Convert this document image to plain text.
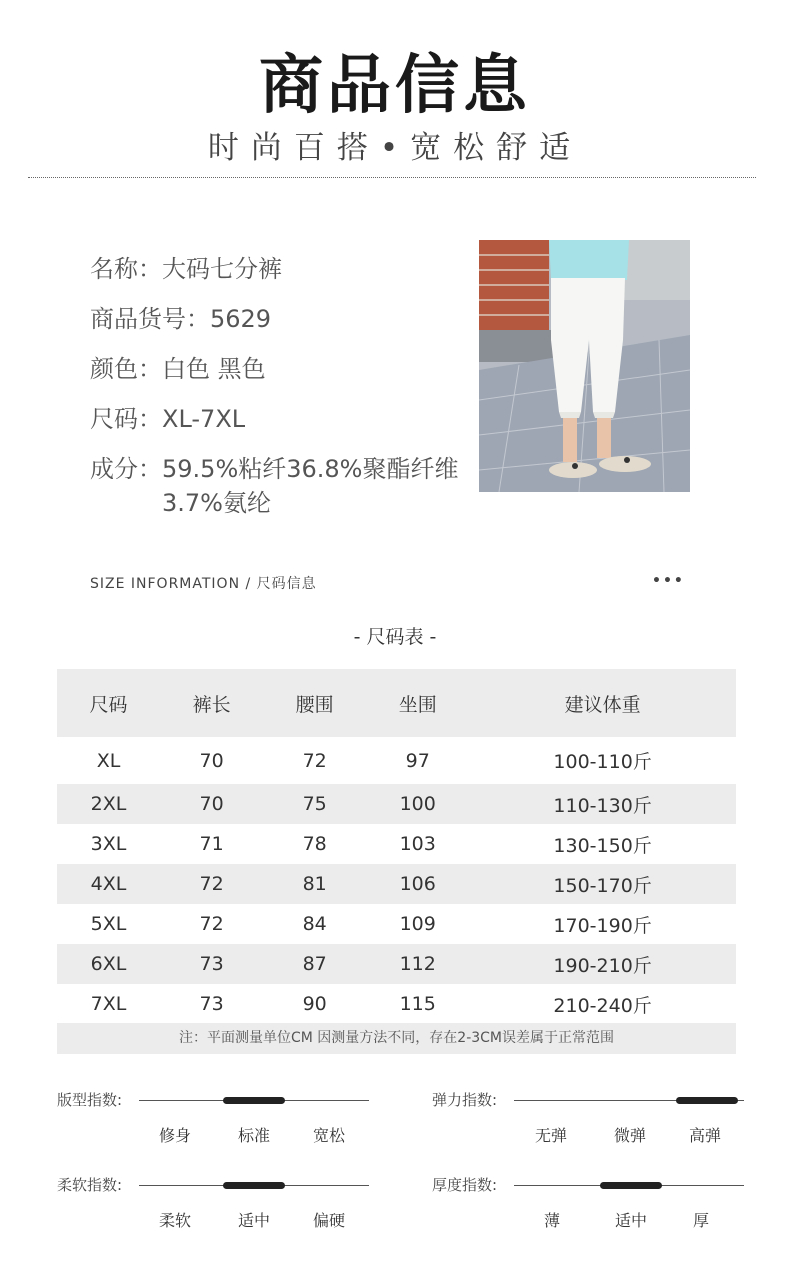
商品信息
时尚百搭•宽松舒适
名称： 大码七分裤
商品货号： 5629
颜色： 白色 黑色
尺码： XL-7XL
成分： 59.5%粘纤36.8%聚酯纤维3.7%氨纶
SIZE INFORMATION / 尺码信息	•••
- 尺码表 -
尺码	裤长	腰围	坐围	建议体重
XL	70	72	97	100-110斤
2XL	70	75	100	110-130斤
3XL	71	78	103	130-150斤
4XL	72	81	106	150-170斤
5XL	72	84	109	170-190斤
6XL	73	87	112	190-210斤
7XL	73	90	115	210-240斤
注：平面测量单位CM 因测量方法不同，存在2-3CM误差属于正常范围
版型指数:
修身	标准	宽松
弹力指数:
无弹	微弹	高弹
柔软指数:
柔软	适中	偏硬
厚度指数:
薄	适中	厚
